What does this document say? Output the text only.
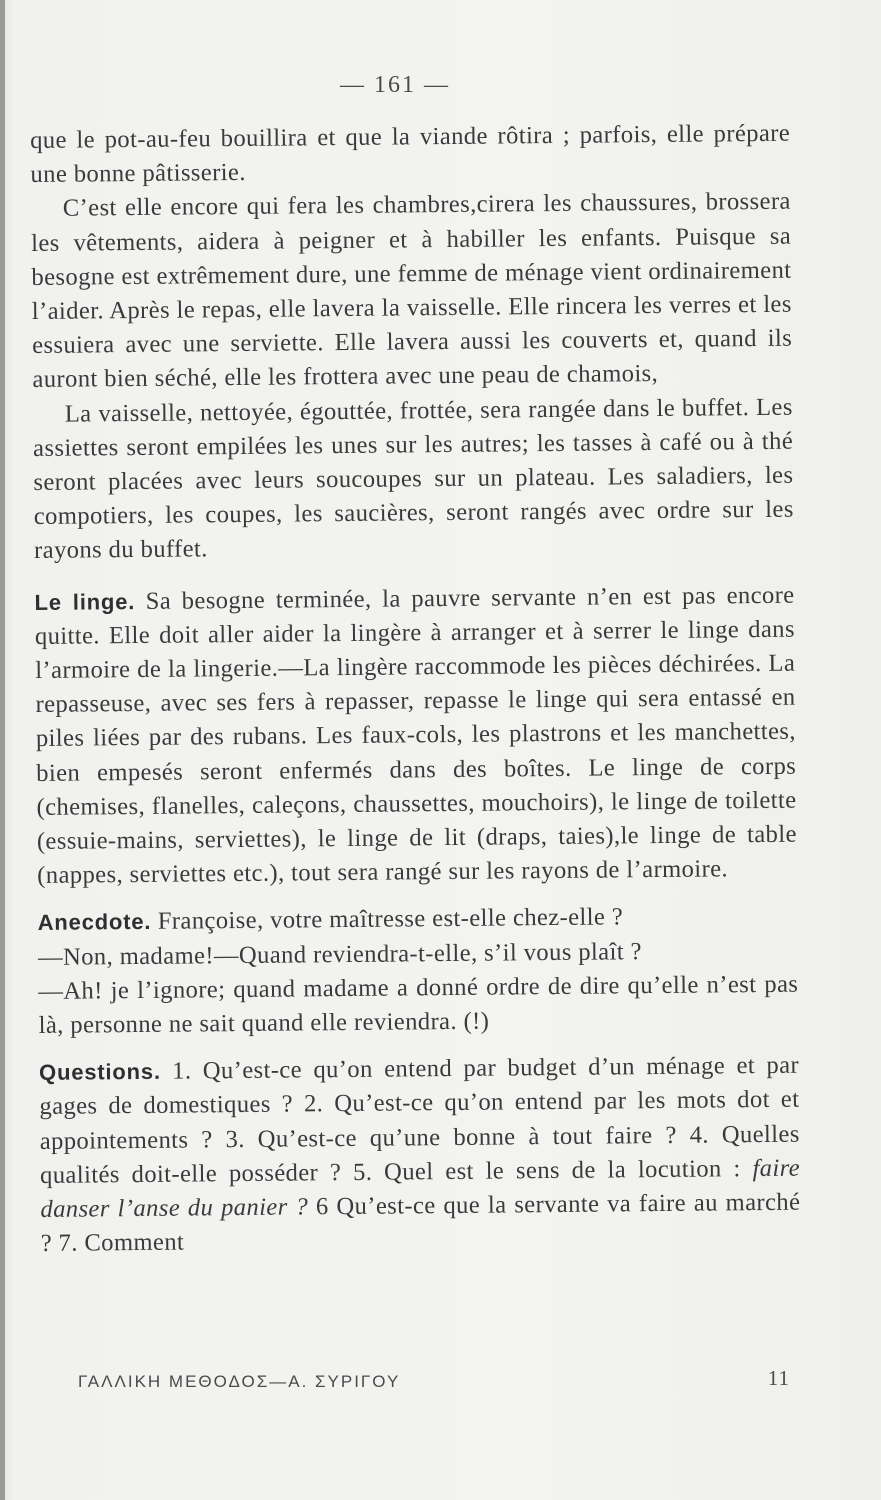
— 161 —

que le pot-au-feu bouillira et que la viande rôtira ; parfois, elle prépare une bonne pâtisserie.

C’est elle encore qui fera les chambres,cirera les chaussures, brossera les vêtements, aidera à peigner et à habiller les enfants. Puisque sa besogne est extrêmement dure, une femme de ménage vient ordinairement l’aider. Après le repas, elle lavera la vaisselle. Elle rincera les verres et les essuiera avec une serviette. Elle lavera aussi les couverts et, quand ils auront bien séché, elle les frottera avec une peau de chamois,

La vaisselle, nettoyée, égouttée, frottée, sera rangée dans le buffet. Les assiettes seront empilées les unes sur les autres; les tasses à café ou à thé seront placées avec leurs soucoupes sur un plateau. Les saladiers, les compotiers, les coupes, les saucières, seront rangés avec ordre sur les rayons du buffet.

Le linge. Sa besogne terminée, la pauvre servante n’en est pas encore quitte. Elle doit aller aider la lingère à arranger et à serrer le linge dans l’armoire de la lingerie.—La lingère raccommode les pièces déchirées. La repasseuse, avec ses fers à repasser, repasse le linge qui sera entassé en piles liées par des rubans. Les faux-cols, les plastrons et les manchettes, bien empesés seront enfermés dans des boîtes. Le linge de corps (chemises, flanelles, caleçons, chaussettes, mouchoirs), le linge de toilette (essuie-mains, serviettes), le linge de lit (draps, taies),le linge de table (nappes, serviettes etc.), tout sera rangé sur les rayons de l’armoire.

Anecdote. Françoise, votre maîtresse est-elle chez-elle ?

—Non, madame!—Quand reviendra-t-elle, s’il vous plaît ?

—Ah! je l’ignore; quand madame a donné ordre de dire qu’elle n’est pas là, personne ne sait quand elle reviendra. (!)

Questions. 1. Qu’est-ce qu’on entend par budget d’un ménage et par gages de domestiques ? 2. Qu’est-ce qu’on entend par les mots dot et appointements ? 3. Qu’est-ce qu’une bonne à tout faire ? 4. Quelles qualités doit-elle posséder ? 5. Quel est le sens de la locution : faire danser l’anse du panier ? 6 Qu’est-ce que la servante va faire au marché ? 7. Comment

ΓΑΛΛΙΚΗ ΜΕΘΟΔΟΣ—Α. ΣΥΡΙΓΟΥ	11
